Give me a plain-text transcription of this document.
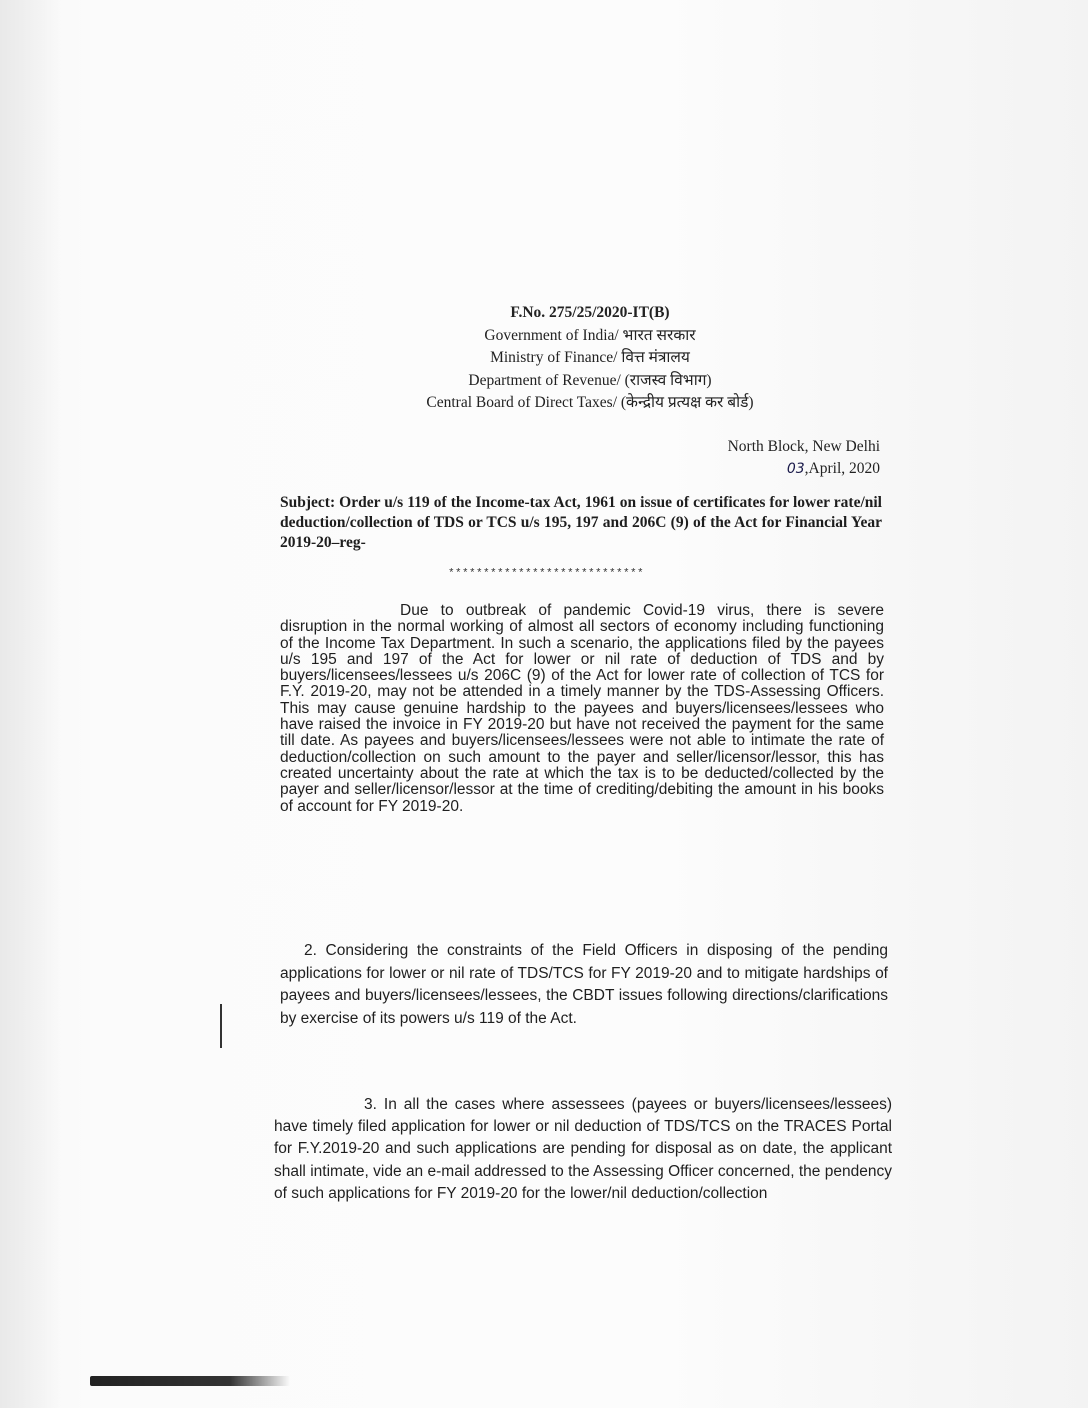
F.No. 275/25/2020-IT(B)
Government of India/ भारत सरकार
Ministry of Finance/ वित्त मंत्रालय
Department of Revenue/ (राजस्व विभाग)
Central Board of Direct Taxes/ (केन्द्रीय प्रत्यक्ष कर बोर्ड)
North Block, New Delhi
03,April, 2020
Subject: Order u/s 119 of the Income-tax Act, 1961 on issue of certificates for lower rate/nil deduction/collection of TDS or TCS u/s 195, 197 and 206C (9) of the Act for Financial Year 2019-20–reg-
****************************
Due to outbreak of pandemic Covid-19 virus, there is severe disruption in the normal working of almost all sectors of economy including functioning of the Income Tax Department. In such a scenario, the applications filed by the payees u/s 195 and 197 of the Act for lower or nil rate of deduction of TDS and by buyers/licensees/lessees u/s 206C (9) of the Act for lower rate of collection of TCS for F.Y. 2019-20, may not be attended in a timely manner by the TDS-Assessing Officers. This may cause genuine hardship to the payees and buyers/licensees/lessees who have raised the invoice in FY 2019-20 but have not received the payment for the same till date. As payees and buyers/licensees/lessees were not able to intimate the rate of deduction/collection on such amount to the payer and seller/licensor/lessor, this has created uncertainty about the rate at which the tax is to be deducted/collected by the payer and seller/licensor/lessor at the time of crediting/debiting the amount in his books of account for FY 2019-20.
2. Considering the constraints of the Field Officers in disposing of the pending applications for lower or nil rate of TDS/TCS for FY 2019-20 and to mitigate hardships of payees and buyers/licensees/lessees, the CBDT issues following directions/clarifications by exercise of its powers u/s 119 of the Act.
3. In all the cases where assessees (payees or buyers/licensees/lessees) have timely filed application for lower or nil deduction of TDS/TCS on the TRACES Portal for F.Y.2019-20 and such applications are pending for disposal as on date, the applicant shall intimate, vide an e-mail addressed to the Assessing Officer concerned, the pendency of such applications for FY 2019-20 for the lower/nil deduction/collection
